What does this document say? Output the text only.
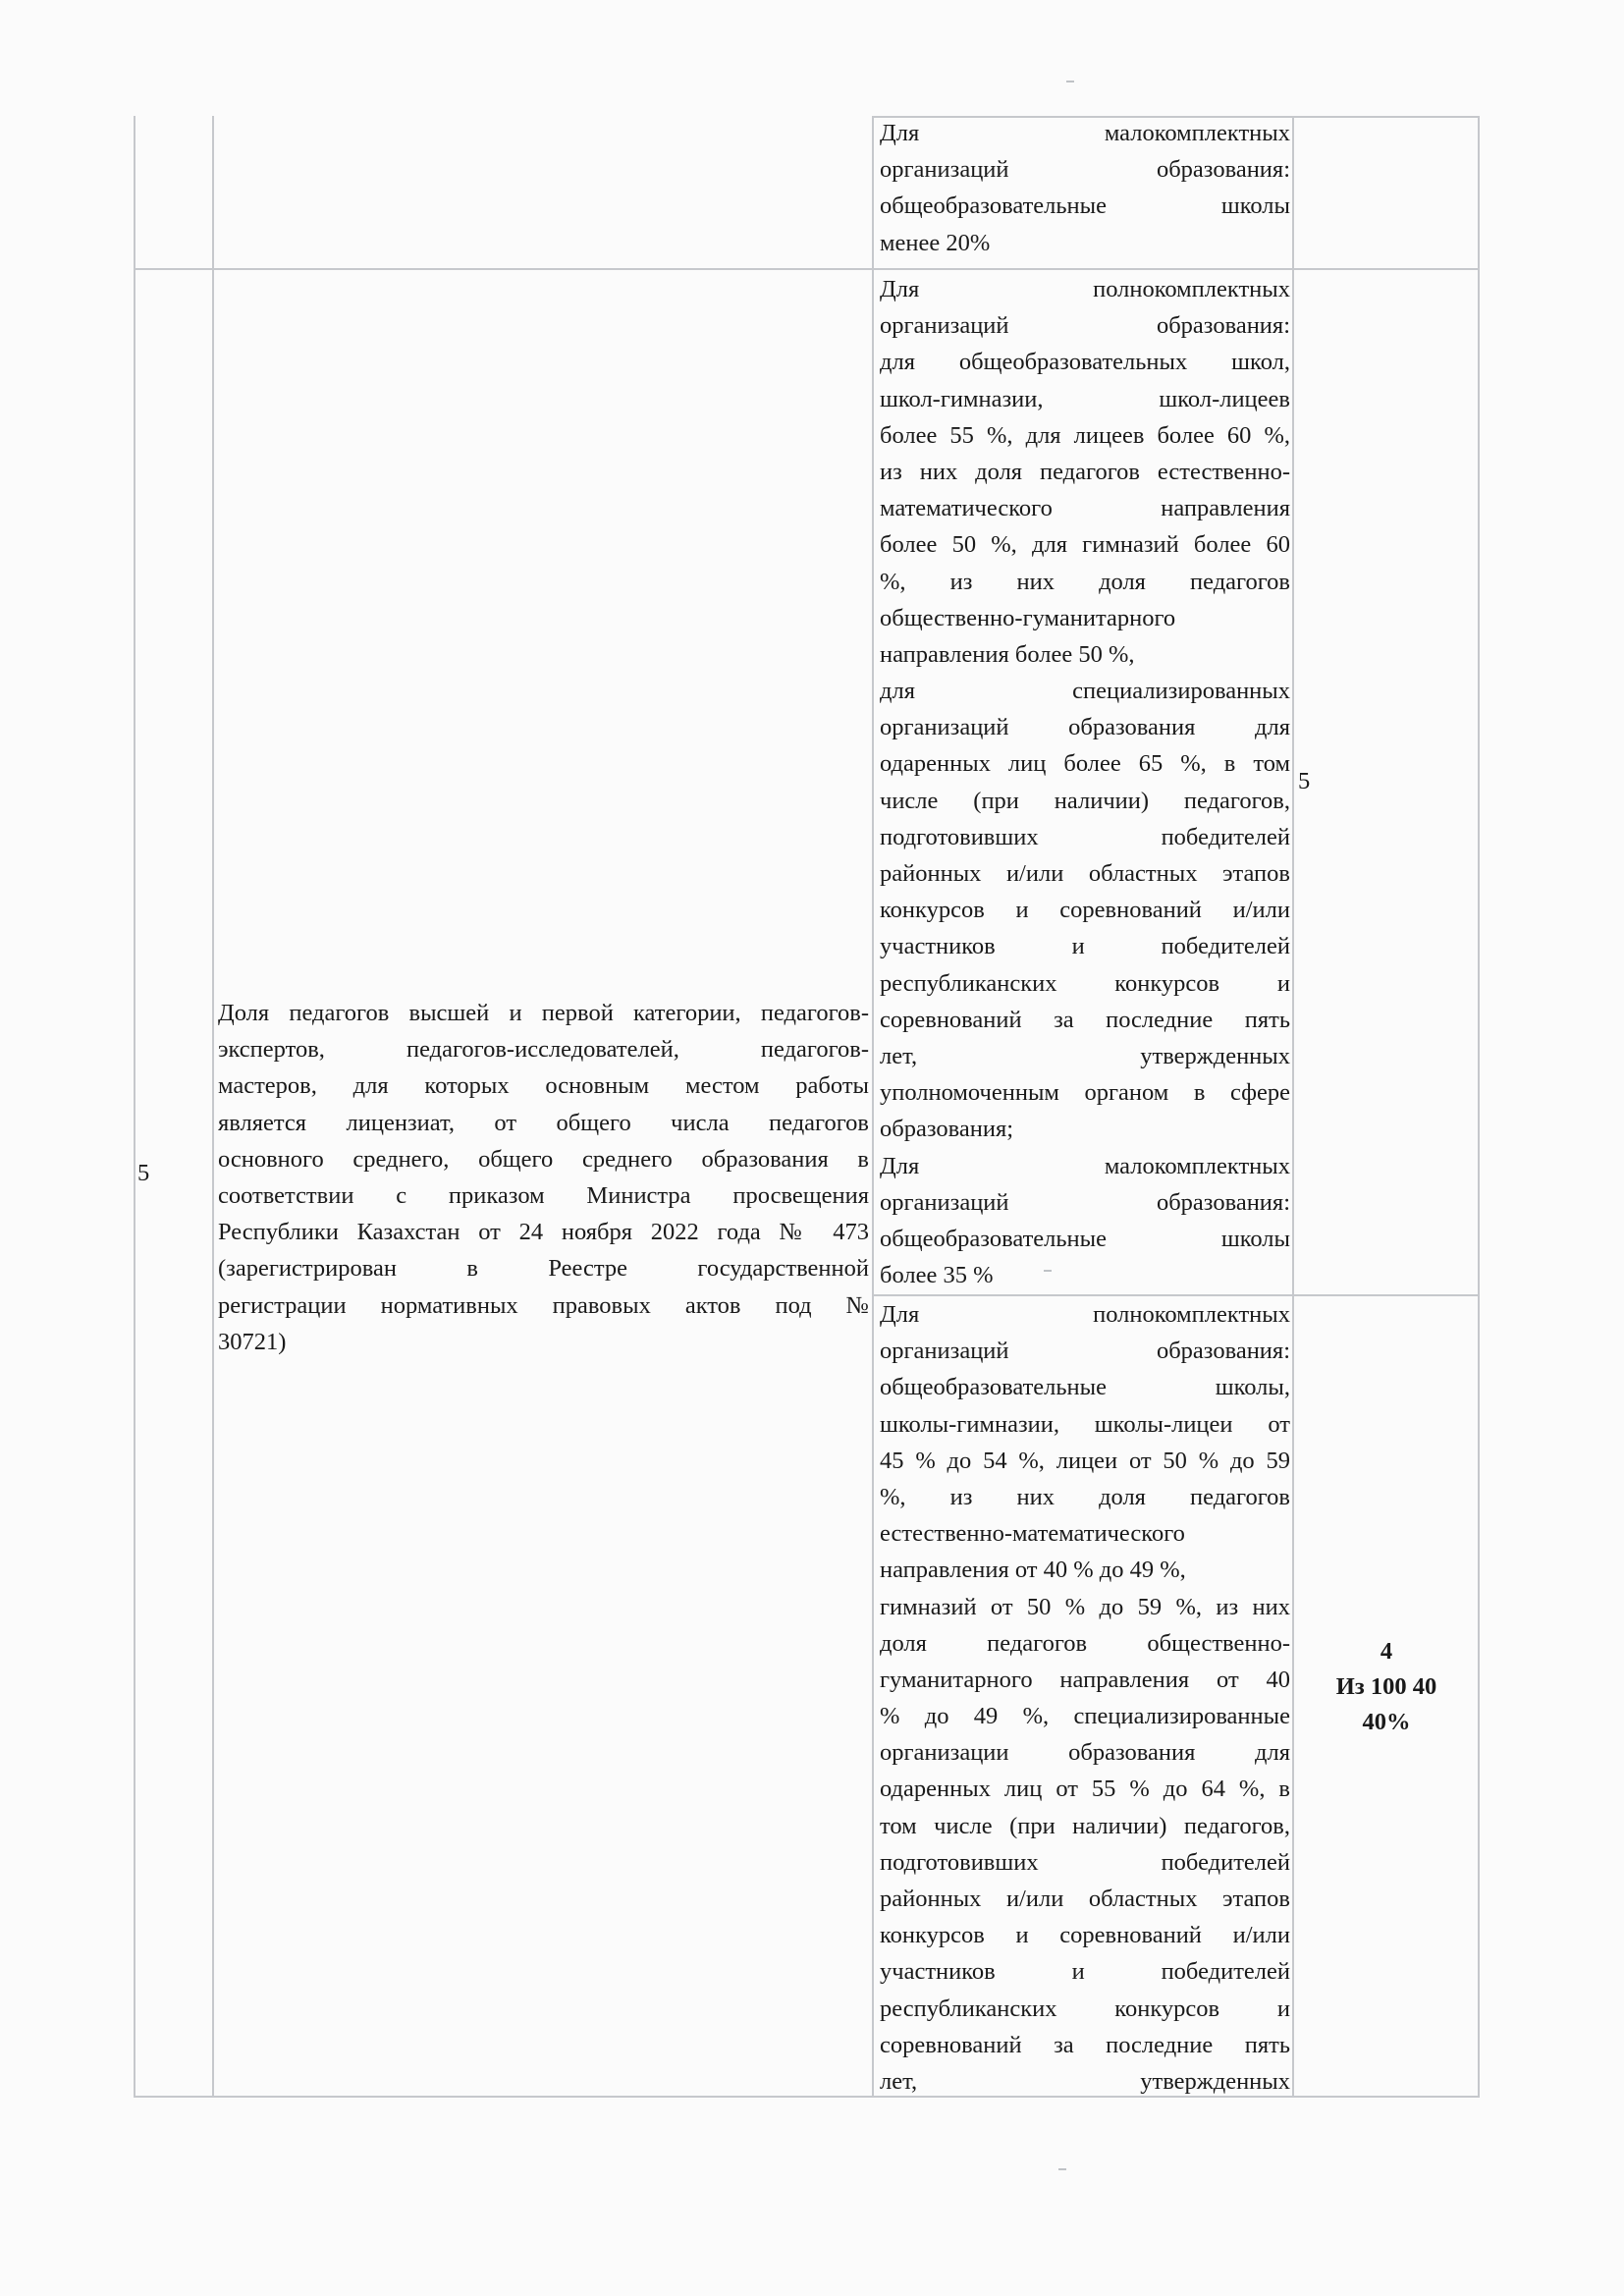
5
Доля педагогов высшей и первой категории, педагогов-
экспертов, педагогов-исследователей, педагогов-
мастеров, для которых основным местом работы
является лицензиат, от общего числа педагогов
основного среднего, общего среднего образования в
соответствии с приказом Министра просвещения
Республики Казахстан от 24 ноября 2022 года № 473
(зарегистрирован в Реестре государственной
регистрации нормативных правовых актов под №
30721)
Для малокомплектных
организаций образования:
общеобразовательные школы
менее 20%
Для полнокомплектных
организаций образования:
для общеобразовательных школ,
школ-гимназии, школ-лицеев
более 55 %, для лицеев более 60 %,
из них доля педагогов естественно-
математического направления
более 50 %, для гимназий более 60
%, из них доля педагогов
общественно-гуманитарного
направления более 50 %,
для специализированных
организаций образования для
одаренных лиц более 65 %, в том
числе (при наличии) педагогов,
подготовивших победителей
районных и/или областных этапов
конкурсов и соревнований и/или
участников и победителей
республиканских конкурсов и
соревнований за последние пять
лет, утвержденных
уполномоченным органом в сфере
образования;
Для малокомплектных
организаций образования:
общеобразовательные школы
более 35 %
Для полнокомплектных
организаций образования:
общеобразовательные школы,
школы-гимназии, школы-лицеи от
45 % до 54 %, лицеи от 50 % до 59
%, из них доля педагогов
естественно-математического
направления от 40 % до 49 %,
гимназий от 50 % до 59 %, из них
доля педагогов общественно-
гуманитарного направления от 40
% до 49 %, специализированные
организации образования для
одаренных лиц от 55 % до 64 %, в
том числе (при наличии) педагогов,
подготовивших победителей
районных и/или областных этапов
конкурсов и соревнований и/или
участников и победителей
республиканских конкурсов и
соревнований за последние пять
лет, утвержденных
5
4
Из 100 40
40%
